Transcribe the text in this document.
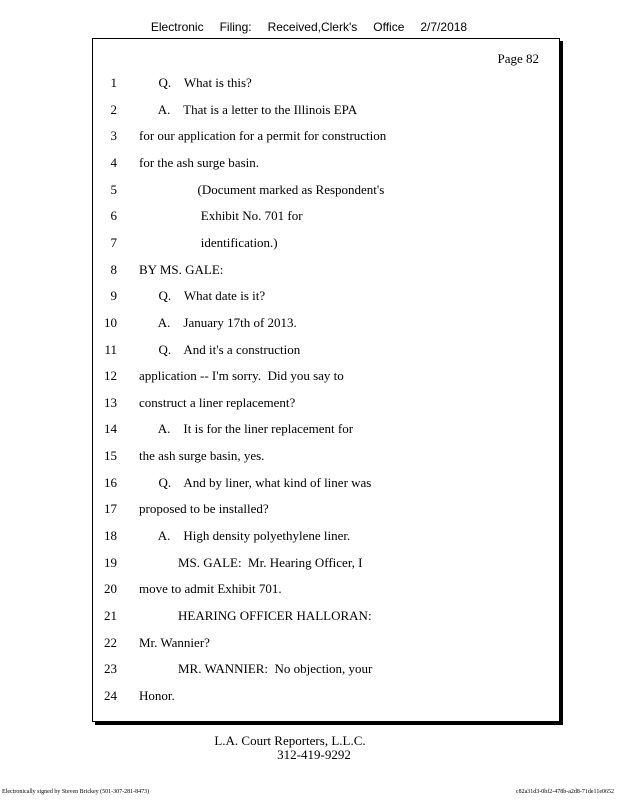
Electronic Filing: Received,Clerk's Office 2/7/2018
Page 82
1 Q.    What is this?
2 A.    That is a letter to the Illinois EPA
3 for our application for a permit for construction
4 for the ash surge basin.
5 (Document marked as Respondent's
6 Exhibit No. 701 for
7 identification.)
8 BY MS. GALE:
9 Q.    What date is it?
10 A.    January 17th of 2013.
11 Q.    And it's a construction
12 application -- I'm sorry.  Did you say to
13 construct a liner replacement?
14 A.    It is for the liner replacement for
15 the ash surge basin, yes.
16 Q.    And by liner, what kind of liner was
17 proposed to be installed?
18 A.    High density polyethylene liner.
19 MS. GALE:  Mr. Hearing Officer, I
20 move to admit Exhibit 701.
21 HEARING OFFICER HALLORAN:
22 Mr. Wannier?
23 MR. WANNIER:  No objection, your
24 Honor.
L.A. Court Reporters, L.L.C.
312-419-9292
Electronically signed by Steven Brickey (501-307-281-8473)	c82a31d3-0bf2-478b-a2d8-71de11e0652
